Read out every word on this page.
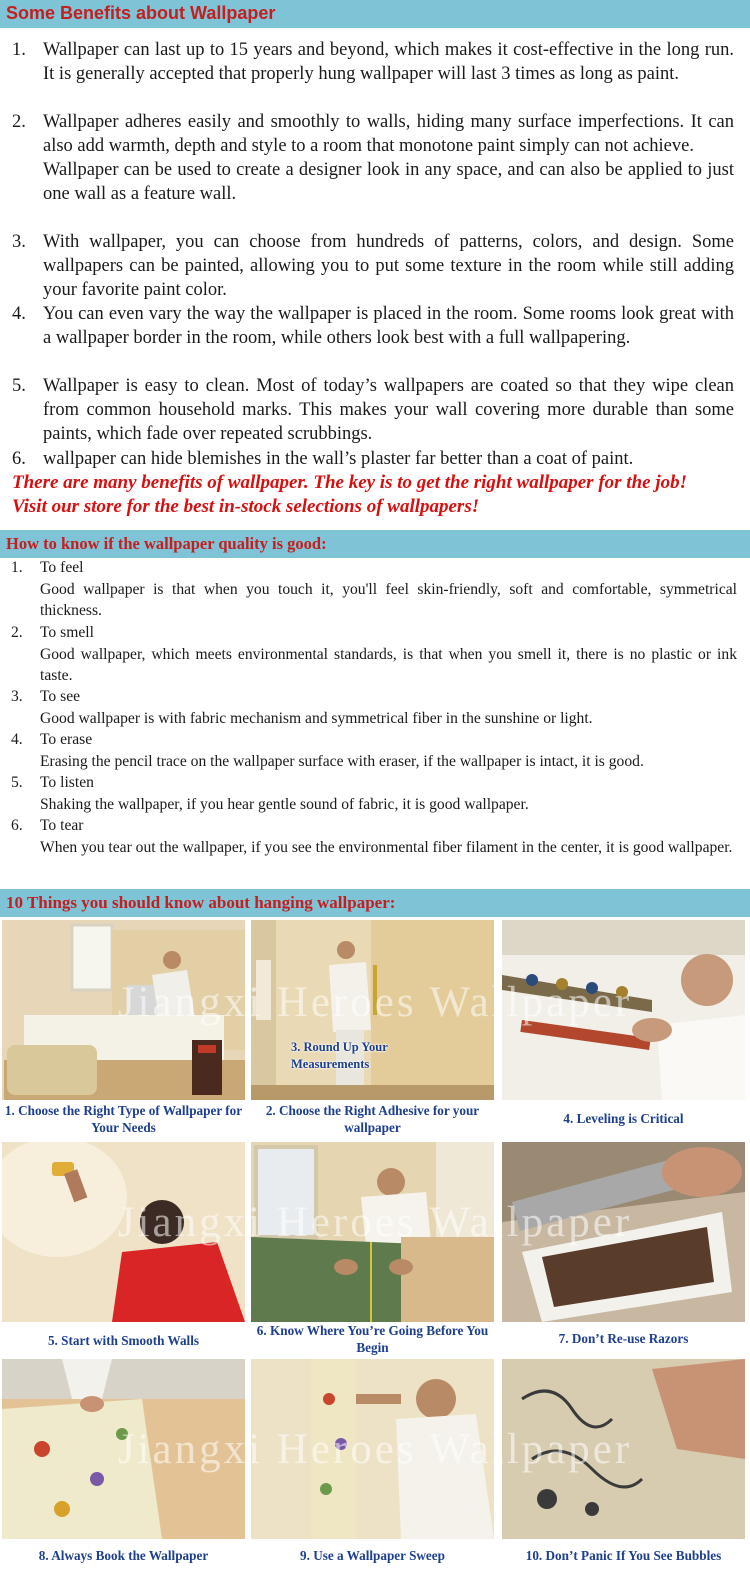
Some Benefits about Wallpaper
1. Wallpaper can last up to 15 years and beyond, which makes it cost-effective in the long run. It is generally accepted that properly hung wallpaper will last 3 times as long as paint.
2. Wallpaper adheres easily and smoothly to walls, hiding many surface imperfections. It can also add warmth, depth and style to a room that monotone paint simply can not achieve.
Wallpaper can be used to create a designer look in any space, and can also be applied to just one wall as a feature wall.
3. With wallpaper, you can choose from hundreds of patterns, colors, and design. Some wallpapers can be painted, allowing you to put some texture in the room while still adding your favorite paint color.
4. You can even vary the way the wallpaper is placed in the room. Some rooms look great with a wallpaper border in the room, while others look best with a full wallpapering.
5. Wallpaper is easy to clean. Most of today’s wallpapers are coated so that they wipe clean from common household marks. This makes your wall covering more durable than some paints, which fade over repeated scrubbings.
6. wallpaper can hide blemishes in the wall’s plaster far better than a coat of paint.
There are many benefits of wallpaper. The key is to get the right wallpaper for the job!
Visit our store for the best in-stock selections of wallpapers!
How to know if the wallpaper quality is good:
1. To feel
Good wallpaper is that when you touch it, you'll feel skin-friendly, soft and comfortable, symmetrical thickness.
2. To smell
Good wallpaper, which meets environmental standards, is that when you smell it, there is no plastic or ink taste.
3. To see
Good wallpaper is with fabric mechanism and symmetrical fiber in the sunshine or light.
4. To erase
Erasing the pencil trace on the wallpaper surface with eraser, if the wallpaper is intact, it is good.
5. To listen
Shaking the wallpaper, if you hear gentle sound of fabric, it is good wallpaper.
6. To tear
When you tear out the wallpaper, if you see the environmental fiber filament in the center, it is good wallpaper.
10 Things you should know about hanging wallpaper:
Jiangxi Heroes Wallpaper
Jiangxi Heroes Wallpaper
Jiangxi Heroes Wallpaper
3. Round Up Your Measurements
1. Choose the Right Type of Wallpaper for Your Needs
2. Choose the Right Adhesive for your wallpaper
4. Leveling is Critical
5. Start with Smooth Walls
6. Know Where You’re Going Before You Begin
7. Don’t Re-use Razors
8. Always Book the Wallpaper	9. Use a Wallpaper Sweep	10. Don’t Panic If You See Bubbles
